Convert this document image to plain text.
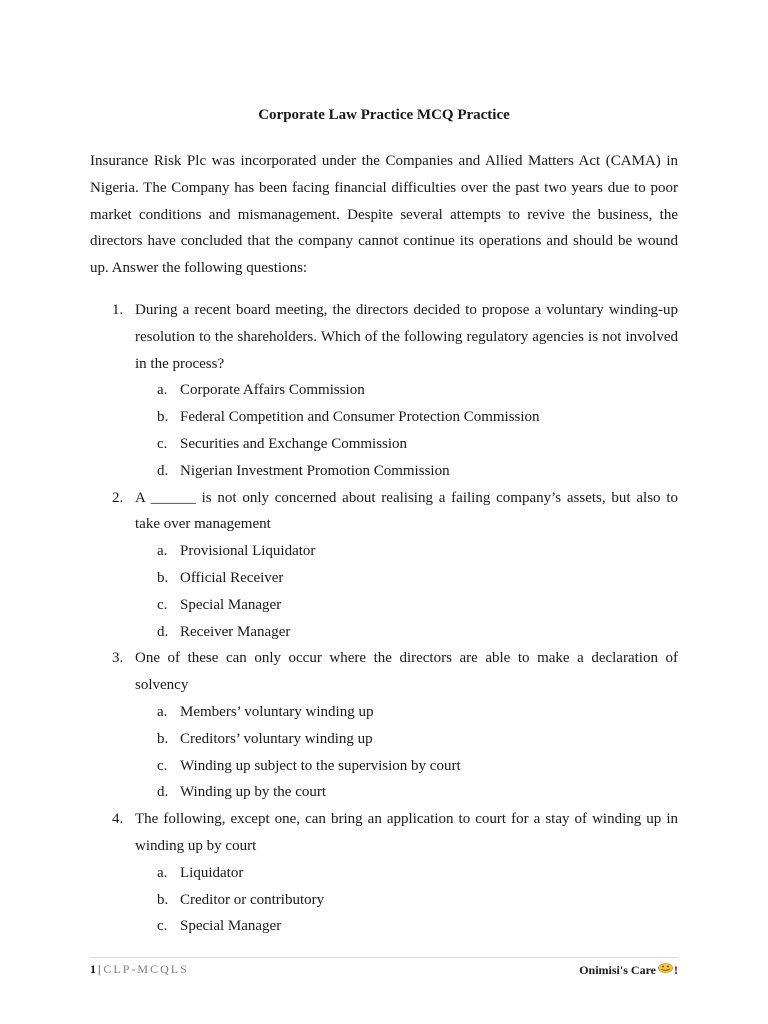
Corporate Law Practice MCQ Practice
Insurance Risk Plc was incorporated under the Companies and Allied Matters Act (CAMA) in Nigeria. The Company has been facing financial difficulties over the past two years due to poor market conditions and mismanagement. Despite several attempts to revive the business, the directors have concluded that the company cannot continue its operations and should be wound up. Answer the following questions:
1. During a recent board meeting, the directors decided to propose a voluntary winding-up resolution to the shareholders. Which of the following regulatory agencies is not involved in the process?
a. Corporate Affairs Commission
b. Federal Competition and Consumer Protection Commission
c. Securities and Exchange Commission
d. Nigerian Investment Promotion Commission
2. A ______ is not only concerned about realising a failing company’s assets, but also to take over management
a. Provisional Liquidator
b. Official Receiver
c. Special Manager
d. Receiver Manager
3. One of these can only occur where the directors are able to make a declaration of solvency
a. Members’ voluntary winding up
b. Creditors’ voluntary winding up
c. Winding up subject to the supervision by court
d. Winding up by the court
4. The following, except one, can bring an application to court for a stay of winding up in winding up by court
a. Liquidator
b. Creditor or contributory
c. Special Manager
1 | CLP-MCQLS	Onimisi's Care !
